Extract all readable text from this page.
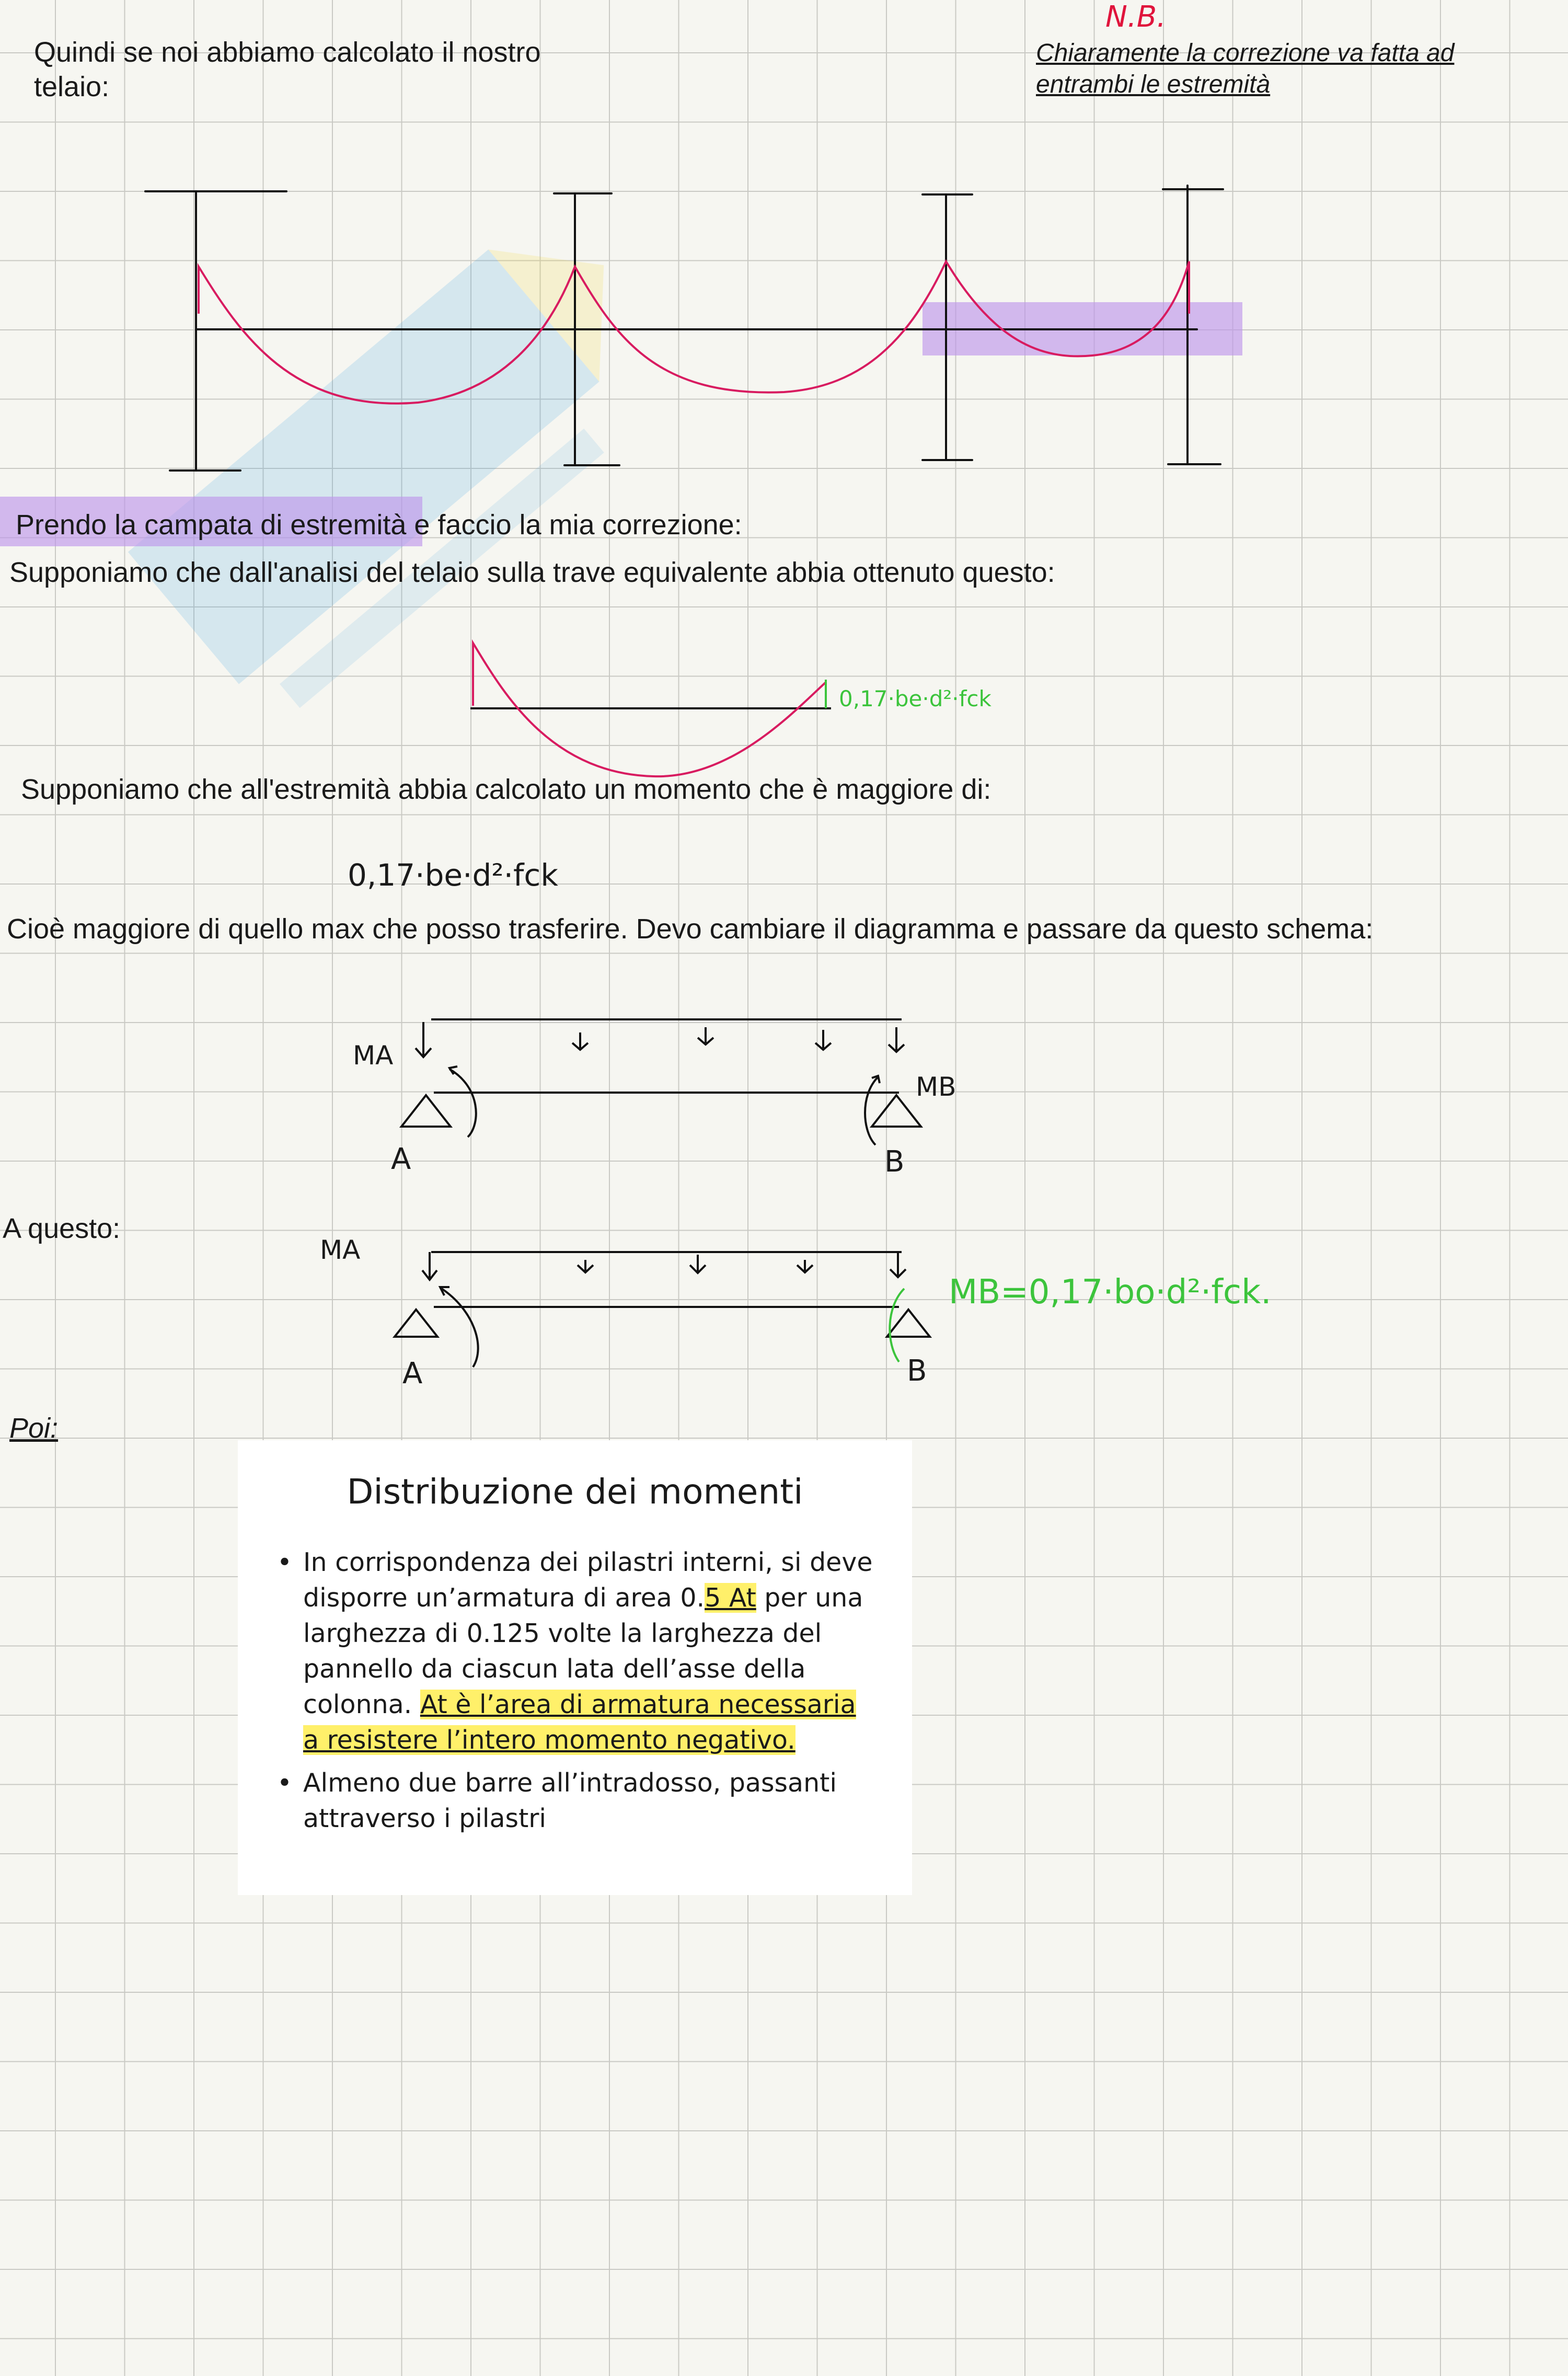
Quindi se noi abbiamo calcolato il nostro
telaio:
N.B.
Chiaramente la correzione va fatta ad
entrambi le estremità
Prendo la campata di estremità e faccio la mia correzione:
Supponiamo che dall'analisi del telaio sulla trave equivalente abbia ottenuto questo:
0,17·be·d²·fck
Supponiamo che all'estremità abbia calcolato un momento che è maggiore di:
0,17·be·d²·fck
Cioè maggiore di quello max che posso trasferire. Devo cambiare il diagramma e passare da questo schema:
MA
MB
A	B
A questo:
MA
A	B
MB=0,17·bo·d²·fck.
Poi:
Distribuzione dei momenti
• In corrispondenza dei pilastri interni, si deve disporre un’armatura di area 0.5 At per una larghezza di 0.125 volte la larghezza del pannello da ciascun lata dell’asse della colonna. At è l’area di armatura necessaria a resistere l’intero momento negativo.
• Almeno due barre all’intradosso, passanti attraverso i pilastri
